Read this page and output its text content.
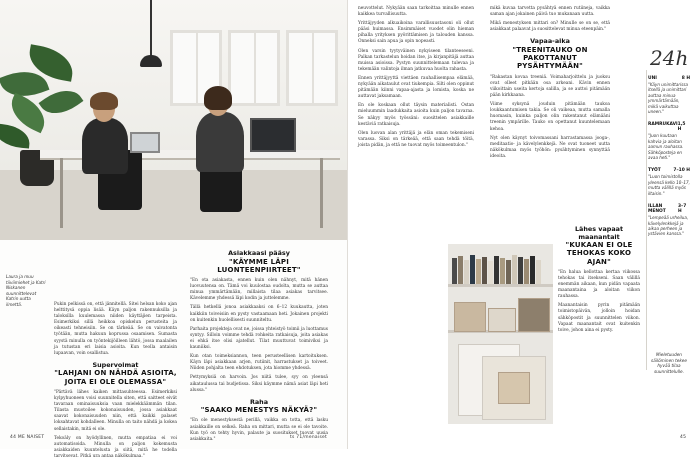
Laura ja muu tiiviimiehet ja Katri Niskanen suunnittelevat Katrin uutta ilmettä.	Pukin pelkissä on, että jännitellä. Sitei helsan koko ajan helttitysä oppia lisää. Käyn paljon rakennuksilla ja taloksilla kuulemassa niiden käyttäjien tarpeista. Esimerkiksi sillä heikkoa opiskelun perusteita ja oikeasti tehneisiin. Se on tärkeää. Se on vaivatonta työtään, mutta hakuun koprussa osaamisen. Sumasta syystä minulla on työntekijöilleen lähtö, jossa maalailen ja tutustan eri laisia asioita. Kun teolla antaisin lupaavan, voin osallistua.

Supervoimat
"LAHJANI ON NÄHDÄ ASIOITA, JOITA EI OLE OLEMASSA"

"Pärtävä lähes kaiken mittasuhteessa. Esimerkiksi kylpyhuoneen voisi suunnitella siten, että saitteet eivät tavaraan ominaisuuksia vaan mielekkäämmän tilan. Tilasta muotoilee kokonaisuuden, jossa asiakkaat saavat kokonaisuuden niin, että kaikki palaset loksahtavat kohdalleen. Minulla on taito nähdä ja kokea sellaistakin, mitä ei ole.

Tekoäly on hyödyllinen, mutta empatiaa ei voi automatisoida. Minulla on paljon kokemusta asiakkaiden kuuntelusta ja siitä, mitä he todella tarvitsevat. Pitkä ura antaa näkökulmaa."

Asiakkaasi pääsy
"KÄYMME LÄPI LUONTEENPIIRTEET"

"En ota asiakasta, ennen kuin olen nähnyt, mitä hänen luovuutensa on. Tämä voi kuulostaa oudolta, mutta se auttaa minua ymmärtämään, millaista tilaa asiakas tarvitsee. Kävelemme yhdessä läpi kodin ja juttelemme.

Tällä hetkellä jonoa asiakkaaksi on 6–12 kuukautta, joten kaikkiin toiveisiin en pysty vastaamaan heti. Jokainen projekti on kuitenkin huolellisesti suunniteltu.

Parhaita projekteja ovat ne, joissa yhteistyö toimii ja luottamus syntyy. Silloin voimme tehdä rohkeita ratkaisuja, joita asiakas ei ehkä itse olisi ajatellut. Tilat muuttuvat toimiviksi ja kauniiksi.

Kun otan toimeksiannon, teen perusteellisen kartoituksen. Käyn läpi asiakkaan arjen, rutiinit, harrastukset ja toiveet. Niiden pohjalta teen ehdotuksen, jota hiomme yhdessä.

Pettymyksiä on harvoin. Jos niitä tulee, syy on yleensä aikataulussa tai budjetissa. Siksi käymme nämä asiat läpi heti alussa."

Raha
"SAAKO MENESTYS NÄKYÄ?"

"En ole menestyksestä perillä, vaikka on totta, että lasku asiakkaille on selkeä. Raha on mittari, mutta se ei ole tavoite. Kun työ on tehty hyvin, palaute ja suositukset tuovat uusia asiakkaita."

44 ME NAISET	ts 71/menaiset

neuvottelut. Nykyään saan tarkoittaa minulle ennen kaikkea turvallisuutta.

Yrittäjyyden alkuaikoina varallisuustasoni oli ollut pääsi huimassa. Ensimmäiset vuodet olin hieman pihalla yrityksen pyörittämisen ja talouden kanssa. Onneksi sain apua ja opin nopeasti.

Olen varsin tyytyväinen nykyiseen tilanteeseeni. Palkan tarkastelun hoidan itse, ja kirjanpitäjä auttaa muissa asioissa. Pystyn suunnittelemaan tulevaa ja tekemään valintoja ilman jatkuvaa huolta rahasta.

Ennen yrittäjyyttä viettäen rauhallisempaa elämää, nykyään aikataulut ovat tiukempia. Silti olen oppinut pitämään kiinni vapaa-ajasta ja lomista, koska ne auttavat jaksamaan.

En ole koskaan ollut täysin materialisti. Ostan mieluummin laadukkaita asioita kuin paljon tavaraa. Se näkyy myös työssäni: suosittelen asiakkaille kestäviä ratkaisuja.

Olen luovan alan yrittäjä ja elän oman tekemiseni varassa. Siksi on tärkeää, että saan tehdä töitä, joista pidän, ja että ne tuovat myös toimeentulon."

mikä kuvaa tarvetta pysähtyä ennen rutiineja, vaikka saman ajan jokainen päivä tuo mukanaan uutta.

Mikä menestyksen mittari on? Minulle se on se, että asiakkaat palaavat ja suosittelevat minua eteenpäin."

Vapaa-aika
"TREENITAUKO ON PAKOTTANUT PYSÄHTYMÄÄN"

"Rakastan kovaa treeniä. Voimaharjoittelu ja juoksu ovat olleet pitkään osa arkeani. Kävin ennen viikoittain useita kertoja salilla, ja se auttoi pitämään pään kirkkaana.

Viime syksynä jouduin pitämään taukoa loukkaantumisen takia. Se oli vaikeaa, mutta samalla huomasin, kuinka paljon olin rakentanut elämääni treenin ympärille. Tauko on opettanut kuuntelemaan kehoa.

Nyt olen käynyt toivomassani harrastamassa jooga-, meditaatio- ja kävelylenkkejä. Ne ovat tuoneet uutta näkökulmaa myös työhön: pysähtyminen synnyttää ideoita.

Lähes vapaat maanantait
"KUKAAN EI OLE TEHOKAS KOKO AJAN"

"En halua kellottaa kertaa viikossa tehokas tai itsekseni. Saan välillä enemmän aikaan, kun pidän vapaata maanantaina ja aloitan viikon rauhassa.

Maanantaisin pyrin pitämään toimistopäivän, jolloin hoidan sähköpostit ja suunnittelen viikon. Vapaat maanantait ovat kuitenkin toive, johon aina ei pysty.

24h
UNI	8 H
"Käyn unimittarissa itsellä ja unimittari auttaa minua ymmärtämään, mikä vaikuttaa uneen."
RAMRUKAVI 1,5 H
"Juon kuutaan kahvia ja aloitan aamun rauhassa. Sähköposteja en avaa heti."
TYÖT	7–10 H
"Luon toimistolla yleensä kello 10–17, mutta välillä myös iltaisin."
ILLAN MENOT
3–7 H
"Lempeää urheilua, kävelylenkkejä ja aikaa perheen ja ystävien kanssa."
Mieletuuden säilöminen tekee hyvää tilaa suunnittelulle.
45
